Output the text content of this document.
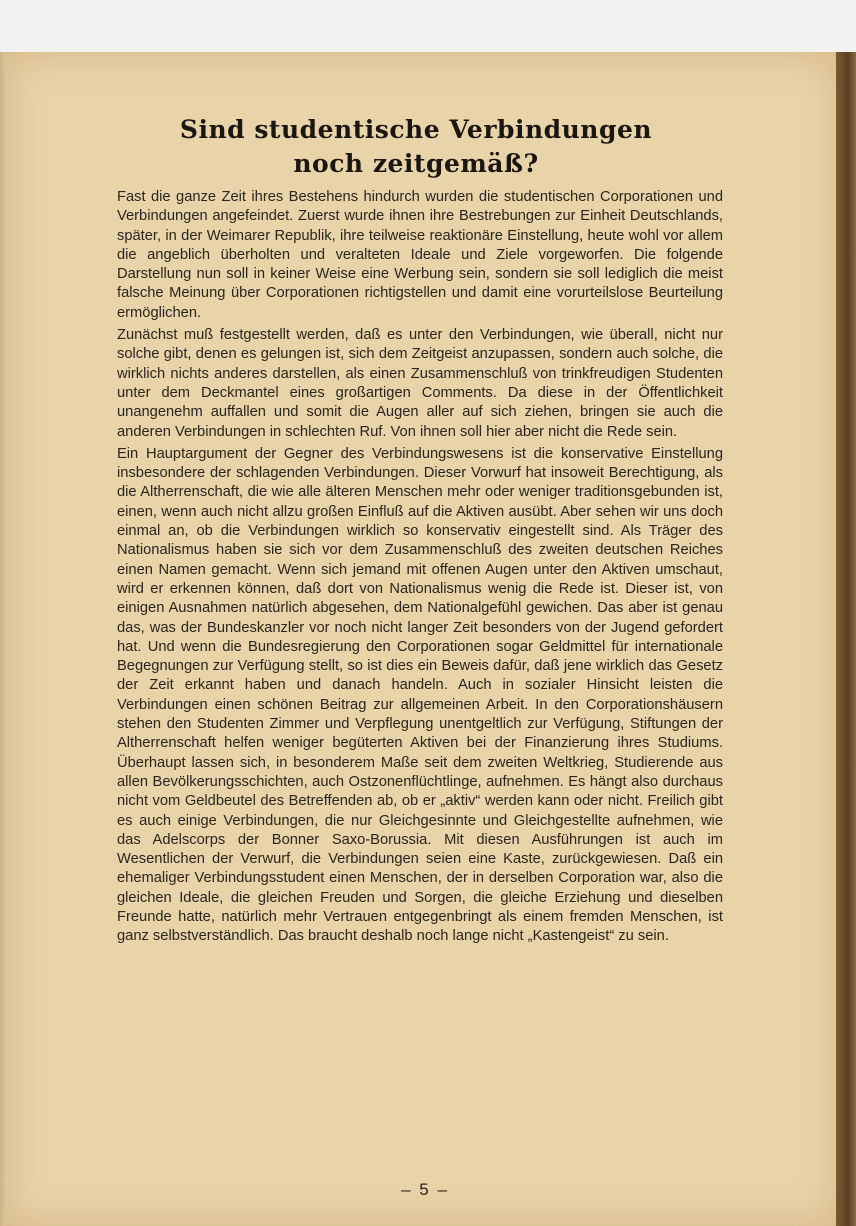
Sind studentische Verbindungen
noch zeitgemäß?

Fast die ganze Zeit ihres Bestehens hindurch wurden die studentischen Corporationen und Verbindungen angefeindet. Zuerst wurde ihnen ihre Bestrebungen zur Einheit Deutschlands, später, in der Weimarer Republik, ihre teilweise reaktionäre Einstellung, heute wohl vor allem die angeblich überholten und veralteten Ideale und Ziele vorgeworfen. Die folgende Darstellung nun soll in keiner Weise eine Werbung sein, sondern sie soll lediglich die meist falsche Meinung über Corporationen richtigstellen und damit eine vorurteilslose Beurteilung ermöglichen.

Zunächst muß festgestellt werden, daß es unter den Verbindungen, wie überall, nicht nur solche gibt, denen es gelungen ist, sich dem Zeitgeist anzupassen, sondern auch solche, die wirklich nichts anderes darstellen, als einen Zusammenschluß von trinkfreudigen Studenten unter dem Deckmantel eines großartigen Comments. Da diese in der Öffentlichkeit unangenehm auffallen und somit die Augen aller auf sich ziehen, bringen sie auch die anderen Verbindungen in schlechten Ruf. Von ihnen soll hier aber nicht die Rede sein.

Ein Hauptargument der Gegner des Verbindungswesens ist die konservative Einstellung insbesondere der schlagenden Verbindungen. Dieser Vorwurf hat insoweit Berechtigung, als die Altherrenschaft, die wie alle älteren Menschen mehr oder weniger traditionsgebunden ist, einen, wenn auch nicht allzu großen Einfluß auf die Aktiven ausübt. Aber sehen wir uns doch einmal an, ob die Verbindungen wirklich so konservativ eingestellt sind. Als Träger des Nationalismus haben sie sich vor dem Zusammenschluß des zweiten deutschen Reiches einen Namen gemacht. Wenn sich jemand mit offenen Augen unter den Aktiven umschaut, wird er erkennen können, daß dort von Nationalismus wenig die Rede ist. Dieser ist, von einigen Ausnahmen natürlich abgesehen, dem Nationalgefühl gewichen. Das aber ist genau das, was der Bundeskanzler vor noch nicht langer Zeit besonders von der Jugend gefordert hat. Und wenn die Bundesregierung den Corporationen sogar Geldmittel für internationale Begegnungen zur Verfügung stellt, so ist dies ein Beweis dafür, daß jene wirklich das Gesetz der Zeit erkannt haben und danach handeln. Auch in sozialer Hinsicht leisten die Verbindungen einen schönen Beitrag zur allgemeinen Arbeit. In den Corporationshäusern stehen den Studenten Zimmer und Verpflegung unentgeltlich zur Verfügung, Stiftungen der Altherrenschaft helfen weniger begüterten Aktiven bei der Finanzierung ihres Studiums. Überhaupt lassen sich, in besonderem Maße seit dem zweiten Weltkrieg, Studierende aus allen Bevölkerungsschichten, auch Ostzonenflüchtlinge, aufnehmen. Es hängt also durchaus nicht vom Geldbeutel des Betreffenden ab, ob er „aktiv“ werden kann oder nicht. Freilich gibt es auch einige Verbindungen, die nur Gleichgesinnte und Gleichgestellte aufnehmen, wie das Adelscorps der Bonner Saxo-Borussia. Mit diesen Ausführungen ist auch im Wesentlichen der Verwurf, die Verbindungen seien eine Kaste, zurückgewiesen. Daß ein ehemaliger Verbindungsstudent einen Menschen, der in derselben Corporation war, also die gleichen Ideale, die gleichen Freuden und Sorgen, die gleiche Erziehung und dieselben Freunde hatte, natürlich mehr Vertrauen entgegenbringt als einem fremden Menschen, ist ganz selbstverständlich. Das braucht deshalb noch lange nicht „Kastengeist“ zu sein.

– 5 –
